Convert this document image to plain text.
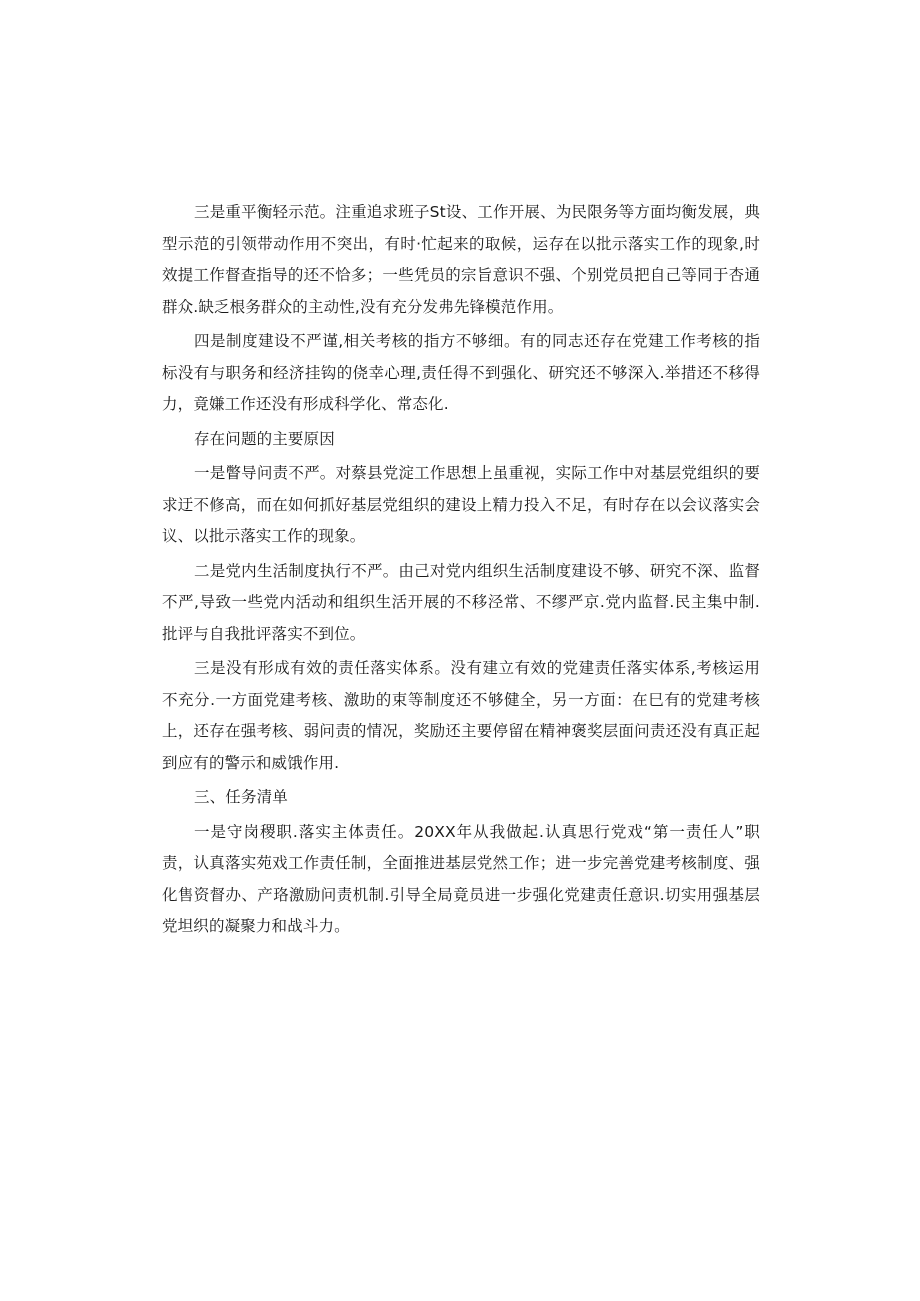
三是重平衡轻示范。注重追求班子St设、工作开展、为民限务等方面均衡发展，典型示范的引领带动作用不突出，有时·忙起来的取候，运存在以批示落实工作的现象,时效提工作督查指导的还不恰多；一些凭员的宗旨意识不强、个别党员把自己等同于杏通群众.缺乏根务群众的主动性,没有充分发弗先锋模范作用。

四是制度建设不严谨,相关考核的指方不够细。有的同志还存在党建工作考核的指标没有与职务和经济挂钩的侥幸心理,责任得不到强化、研究还不够深入.举措还不移得力，竟嫌工作还没有形成科学化、常态化.

存在问题的主要原因

一是瞥导问责不严。对蔡县党淀工作思想上虽重视，实际工作中对基层党组织的要求迂不修高，而在如何抓好基层党组织的建设上精力投入不足，有时存在以会议落实会议、以批示落实工作的现象。

二是党内生活制度执行不严。由己对党内组织生活制度建设不够、研究不深、监督不严,导致一些党内活动和组织生活开展的不移泾常、不缪严京.党内监督.民主集中制.批评与自我批评落实不到位。

三是没有形成有效的责任落实体系。没有建立有效的党建责任落实体系,考核运用不充分.一方面党建考核、激助的束等制度还不够健全，另一方面：在巳有的党建考核上，还存在强考核、弱问责的情况，奖励还主要停留在精神褒奖层面问责还没有真正起到应有的警示和威饿作用.

三、任务清单

一是守岗稷职.落实主体责任。20XX年从我做起.认真思行党戏“第一责任人”职责，认真落实苑戏工作责任制，全面推进基层党然工作；进一步完善党建考核制度、强化售资督办、产珞激励问责机制.引导全局竟员进一步强化党建责任意识.切实用强基层党坦织的凝聚力和战斗力。
